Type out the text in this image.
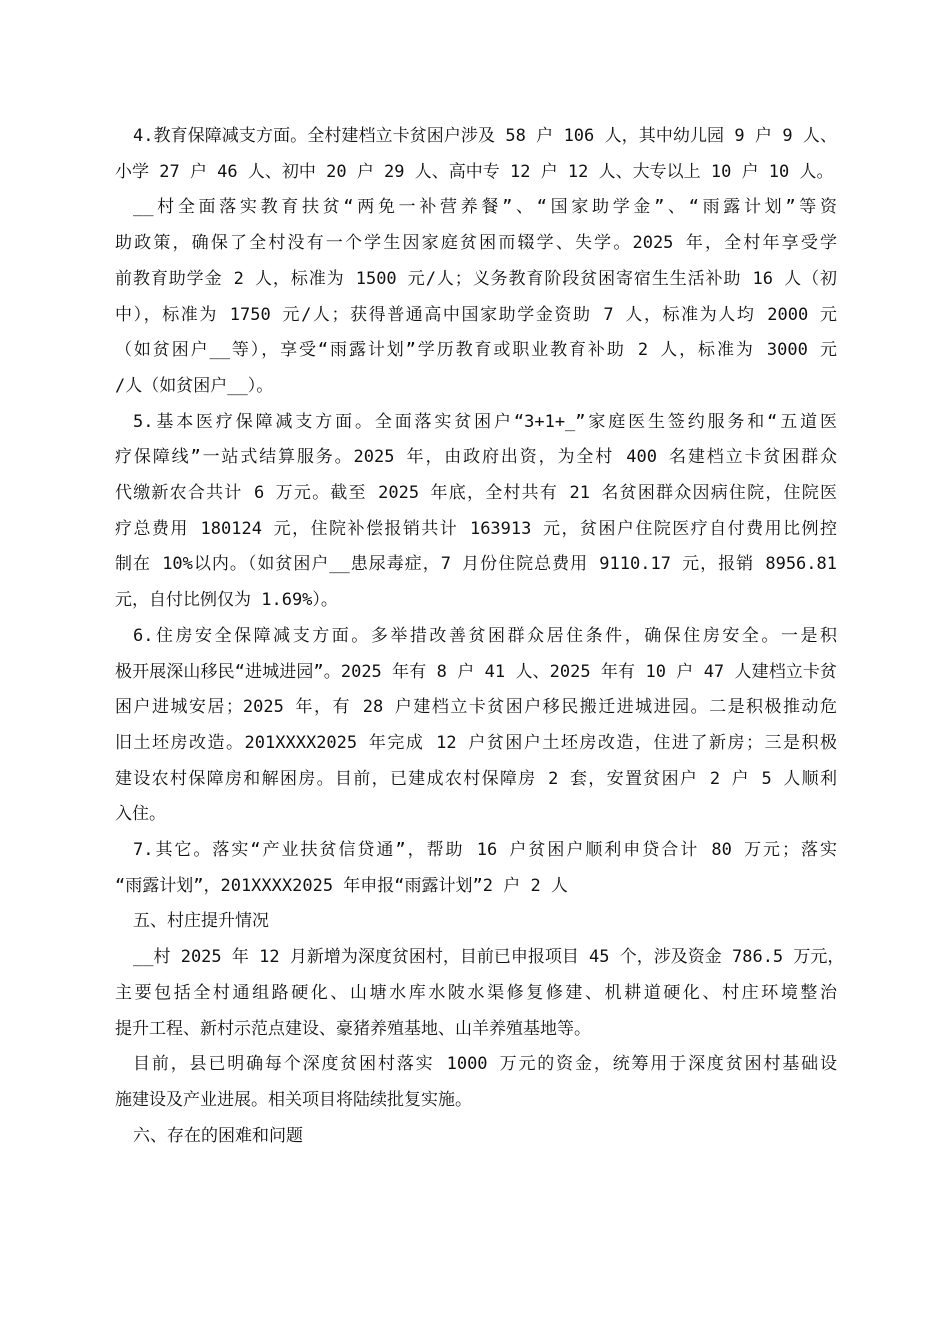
4.教育保障减支方面。全村建档立卡贫困户涉及 58 户 106 人，其中幼儿园 9 户 9 人、
小学 27 户 46 人、初中 20 户 29 人、高中专 12 户 12 人、大专以上 10 户 10 人。
__村全面落实教育扶贫“两免一补营养餐”、“国家助学金”、“雨露计划”等资
助政策，确保了全村没有一个学生因家庭贫困而辍学、失学。2025 年，全村年享受学
前教育助学金 2 人，标准为 1500 元/人；义务教育阶段贫困寄宿生生活补助 16 人（初
中），标准为 1750 元/人；获得普通高中国家助学金资助 7 人，标准为人均 2000 元
（如贫困户__等），享受“雨露计划”学历教育或职业教育补助 2 人，标准为 3000 元
/人（如贫困户__）。
5.基本医疗保障减支方面。全面落实贫困户“3+1+_”家庭医生签约服务和“五道医
疗保障线”一站式结算服务。2025 年，由政府出资，为全村 400 名建档立卡贫困群众
代缴新农合共计 6 万元。截至 2025 年底，全村共有 21 名贫困群众因病住院，住院医
疗总费用 180124 元，住院补偿报销共计 163913 元，贫困户住院医疗自付费用比例控
制在 10%以内。（如贫困户__患尿毒症，7 月份住院总费用 9110.17 元，报销 8956.81
元，自付比例仅为 1.69%）。
6.住房安全保障减支方面。多举措改善贫困群众居住条件，确保住房安全。一是积
极开展深山移民“进城进园”。2025 年有 8 户 41 人、2025 年有 10 户 47 人建档立卡贫
困户进城安居；2025 年，有 28 户建档立卡贫困户移民搬迁进城进园。二是积极推动危
旧土坯房改造。201XXXX2025 年完成 12 户贫困户土坯房改造，住进了新房；三是积极
建设农村保障房和解困房。目前，已建成农村保障房 2 套，安置贫困户 2 户 5 人顺利
入住。
7.其它。落实“产业扶贫信贷通”，帮助 16 户贫困户顺利申贷合计 80 万元；落实
“雨露计划”，201XXXX2025 年申报“雨露计划”2 户 2 人

五、村庄提升情况

__村 2025 年 12 月新增为深度贫困村，目前已申报项目 45 个，涉及资金 786.5 万元，
主要包括全村通组路硬化、山塘水库水陂水渠修复修建、机耕道硬化、村庄环境整治
提升工程、新村示范点建设、豪猪养殖基地、山羊养殖基地等。
目前，县已明确每个深度贫困村落实 1000 万元的资金，统筹用于深度贫困村基础设
施建设及产业进展。相关项目将陆续批复实施。

六、存在的困难和问题
